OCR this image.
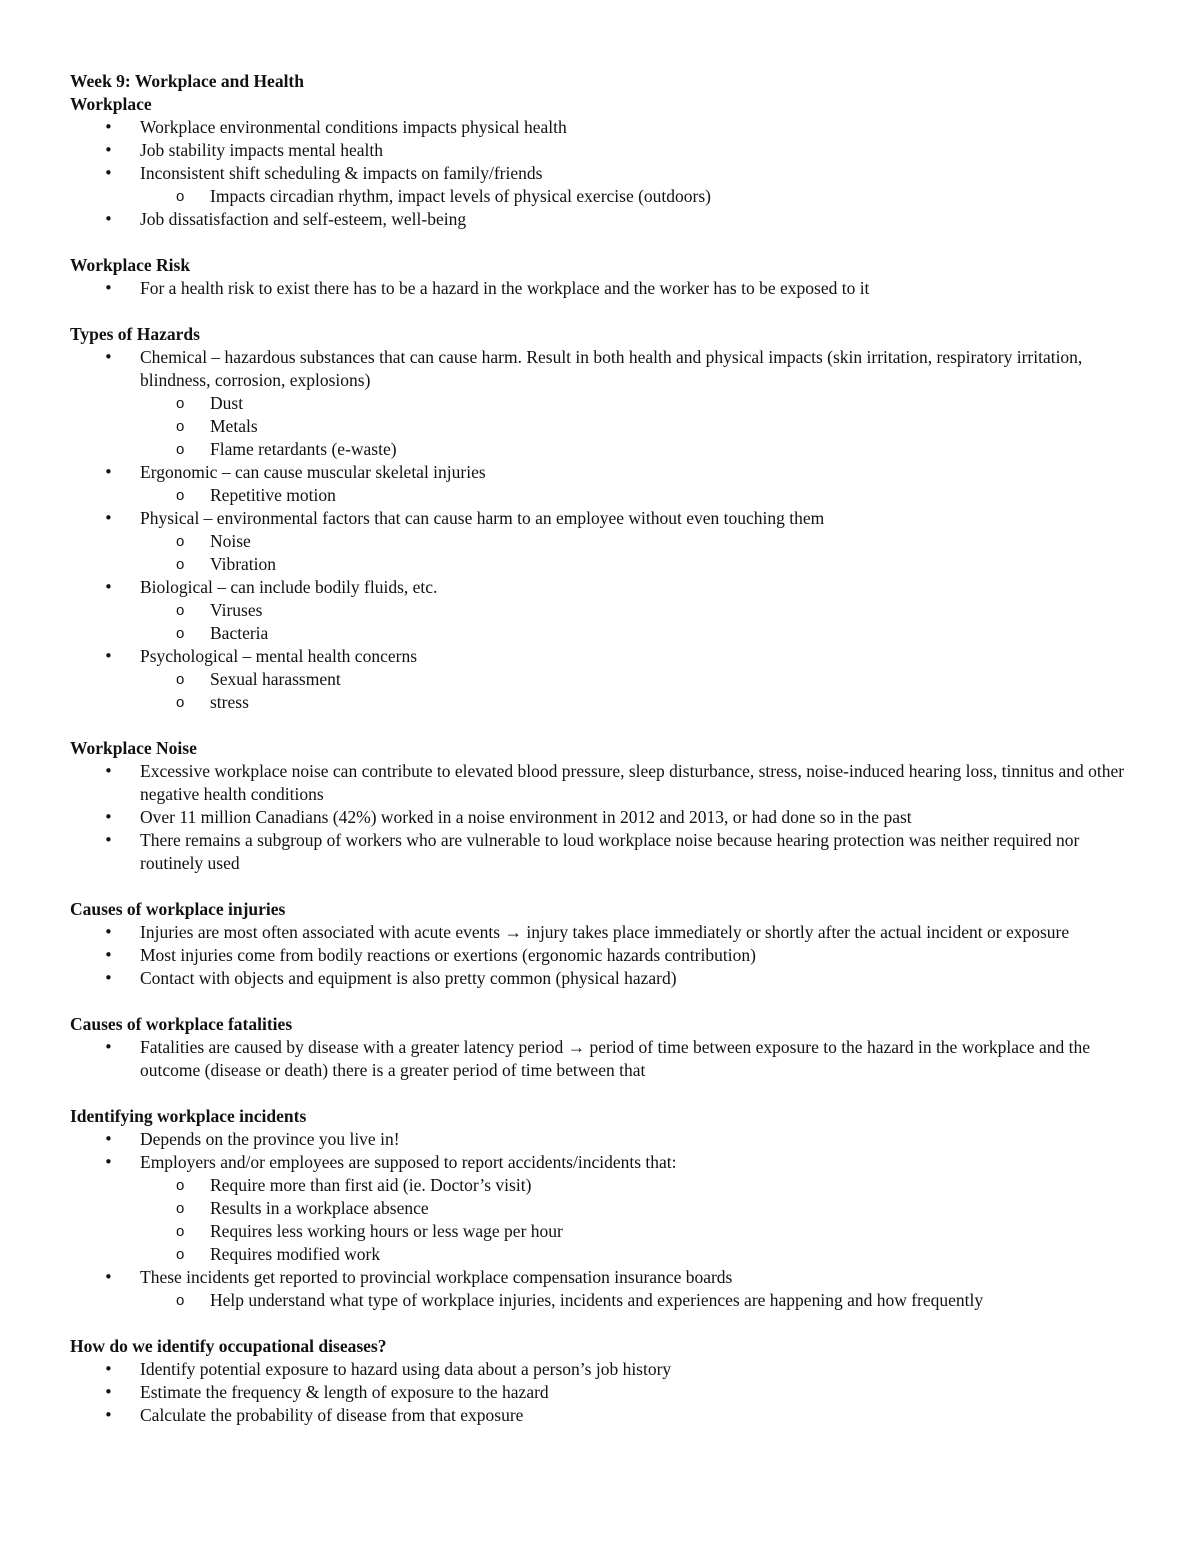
Week 9: Workplace and Health
Workplace
• Workplace environmental conditions impacts physical health
• Job stability impacts mental health
• Inconsistent shift scheduling & impacts on family/friends
o Impacts circadian rhythm, impact levels of physical exercise (outdoors)
• Job dissatisfaction and self-esteem, well-being
Workplace Risk
• For a health risk to exist there has to be a hazard in the workplace and the worker has to be exposed to it
Types of Hazards
• Chemical – hazardous substances that can cause harm. Result in both health and physical impacts (skin irritation, respiratory irritation, blindness, corrosion, explosions)
o Dust
o Metals
o Flame retardants (e-waste)
• Ergonomic – can cause muscular skeletal injuries
o Repetitive motion
• Physical – environmental factors that can cause harm to an employee without even touching them
o Noise
o Vibration
• Biological – can include bodily fluids, etc.
o Viruses
o Bacteria
• Psychological – mental health concerns
o Sexual harassment
o stress
Workplace Noise
• Excessive workplace noise can contribute to elevated blood pressure, sleep disturbance, stress, noise-induced hearing loss, tinnitus and other negative health conditions
• Over 11 million Canadians (42%) worked in a noise environment in 2012 and 2013, or had done so in the past
• There remains a subgroup of workers who are vulnerable to loud workplace noise because hearing protection was neither required nor routinely used
Causes of workplace injuries
• Injuries are most often associated with acute events → injury takes place immediately or shortly after the actual incident or exposure
• Most injuries come from bodily reactions or exertions (ergonomic hazards contribution)
• Contact with objects and equipment is also pretty common (physical hazard)
Causes of workplace fatalities
• Fatalities are caused by disease with a greater latency period → period of time between exposure to the hazard in the workplace and the outcome (disease or death) there is a greater period of time between that
Identifying workplace incidents
• Depends on the province you live in!
• Employers and/or employees are supposed to report accidents/incidents that:
o Require more than first aid (ie. Doctor’s visit)
o Results in a workplace absence
o Requires less working hours or less wage per hour
o Requires modified work
• These incidents get reported to provincial workplace compensation insurance boards
o Help understand what type of workplace injuries, incidents and experiences are happening and how frequently
How do we identify occupational diseases?
• Identify potential exposure to hazard using data about a person’s job history
• Estimate the frequency & length of exposure to the hazard
• Calculate the probability of disease from that exposure
